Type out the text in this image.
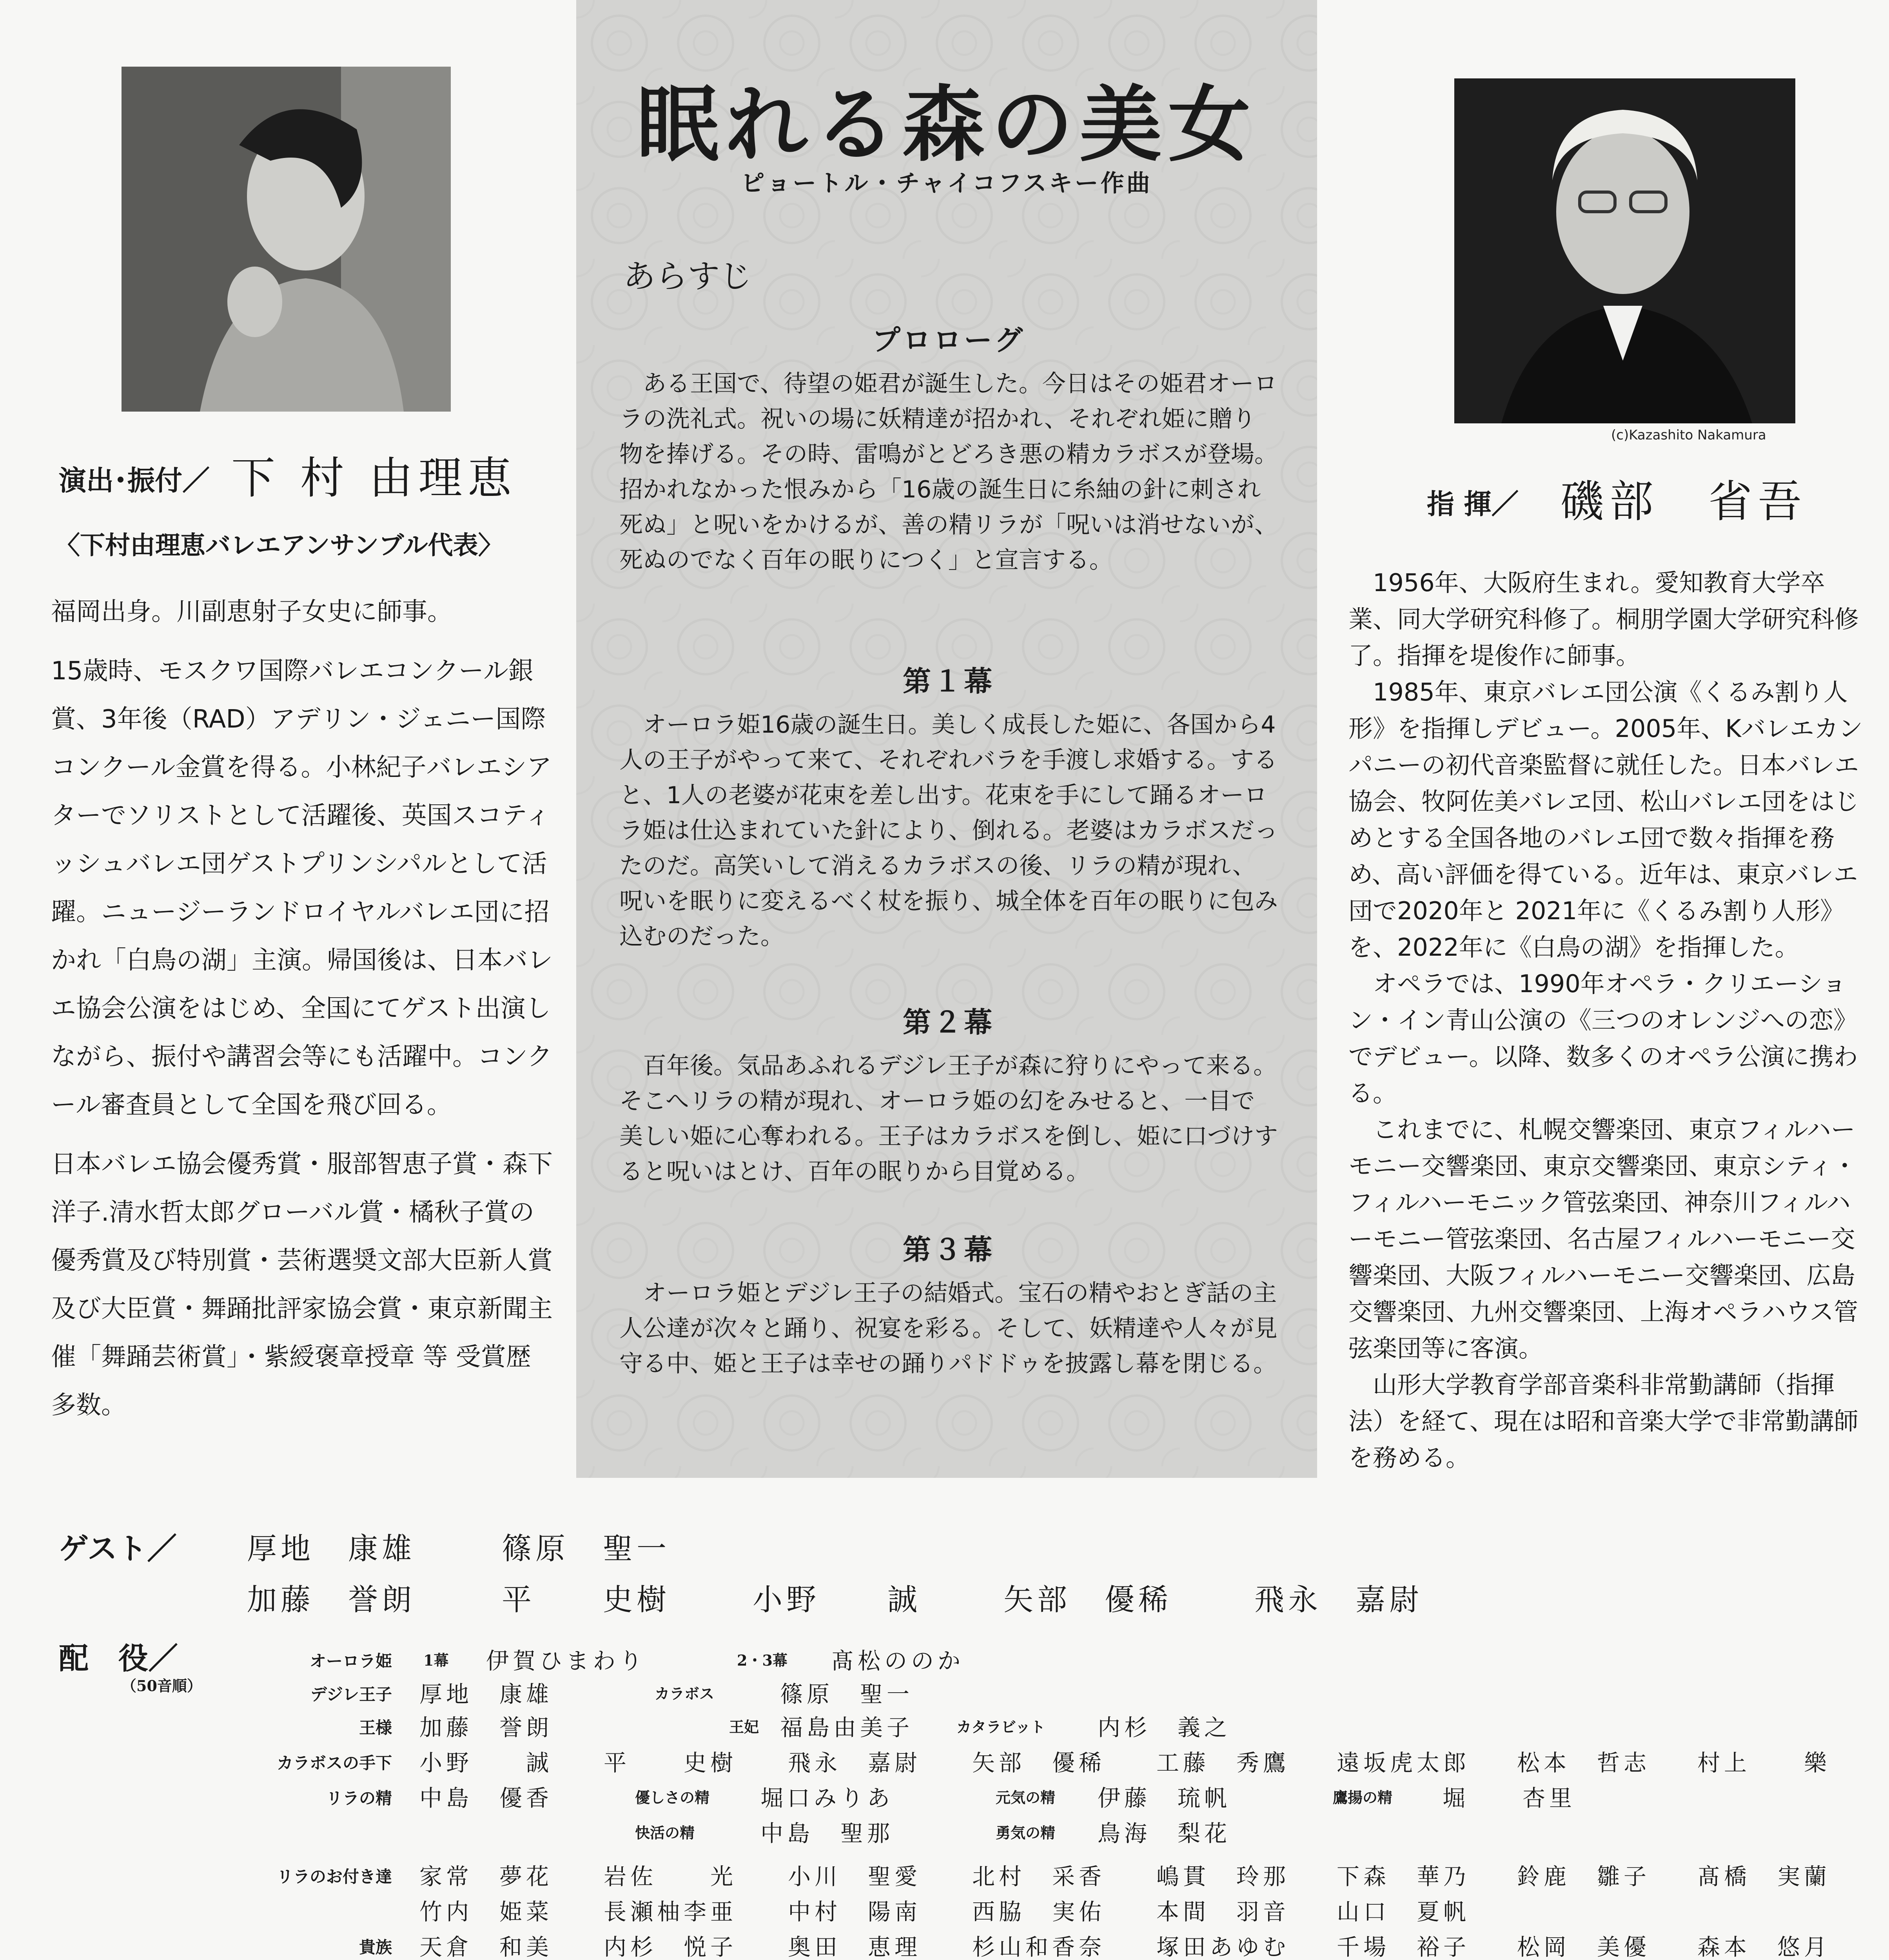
演出･振付／ 下 村 由理恵
〈下村由理恵バレエアンサンブル代表〉

福岡出身。川副恵射子女史に師事。

15歳時、モスクワ国際バレエコンクール銀賞、3年後（RAD）アデリン・ジェニー国際コンクール金賞を得る。小林紀子バレエシアターでソリストとして活躍後、英国スコティッシュバレエ団ゲストプリンシパルとして活躍。ニュージーランドロイヤルバレエ団に招かれ「白鳥の湖」主演。帰国後は、日本バレエ協会公演をはじめ、全国にてゲスト出演しながら、振付や講習会等にも活躍中。コンクール審査員として全国を飛び回る。

日本バレエ協会優秀賞・服部智恵子賞・森下洋子.清水哲太郎グローバル賞・橘秋子賞の優秀賞及び特別賞・芸術選奨文部大臣新人賞及び大臣賞・舞踊批評家協会賞・東京新聞主催「舞踊芸術賞」・紫綬褒章授章 等 受賞歴多数。

眠れる森の美女
ピョートル・チャイコフスキー作曲
あらすじ
プロローグ

ある王国で、待望の姫君が誕生した。今日はその姫君オーロラの洗礼式。祝いの場に妖精達が招かれ、それぞれ姫に贈り物を捧げる。その時、雷鳴がとどろき悪の精カラボスが登場。招かれなかった恨みから「16歳の誕生日に糸紬の針に刺され死ぬ」と呪いをかけるが、善の精リラが「呪いは消せないが、死ぬのでなく百年の眠りにつく」と宣言する。

第１幕

オーロラ姫16歳の誕生日。美しく成長した姫に、各国から4人の王子がやって来て、それぞれバラを手渡し求婚する。すると、1人の老婆が花束を差し出す。花束を手にして踊るオーロラ姫は仕込まれていた針により、倒れる。老婆はカラボスだったのだ。高笑いして消えるカラボスの後、リラの精が現れ、呪いを眠りに変えるべく杖を振り、城全体を百年の眠りに包み込むのだった。

第２幕

百年後。気品あふれるデジレ王子が森に狩りにやって来る。そこへリラの精が現れ、オーロラ姫の幻をみせると、一目で美しい姫に心奪われる。王子はカラボスを倒し、姫に口づけすると呪いはとけ、百年の眠りから目覚める。

第３幕

オーロラ姫とデジレ王子の結婚式。宝石の精やおとぎ話の主人公達が次々と踊り、祝宴を彩る。そして、妖精達や人々が見守る中、姫と王子は幸せの踊りパドドゥを披露し幕を閉じる。

(c)Kazashito Nakamura
指 揮／ 磯部　省吾

1956年、大阪府生まれ。愛知教育大学卒業、同大学研究科修了。桐朋学園大学研究科修了。指揮を堤俊作に師事。

1985年、東京バレエ団公演《くるみ割り人形》を指揮しデビュー。2005年、Kバレエカンパニーの初代音楽監督に就任した。日本バレエ協会、牧阿佐美バレヱ団、松山バレエ団をはじめとする全国各地のバレエ団で数々指揮を務め、高い評価を得ている。近年は、東京バレエ団で2020年と 2021年に《くるみ割り人形》を、2022年に《白鳥の湖》を指揮した。

オペラでは、1990年オペラ・クリエーション・イン青山公演の《三つのオレンジへの恋》でデビュー。以降、数多くのオペラ公演に携わる。

これまでに、札幌交響楽団、東京フィルハーモニー交響楽団、東京交響楽団、東京シティ・フィルハーモニック管弦楽団、神奈川フィルハーモニー管弦楽団、名古屋フィルハーモニー交響楽団、大阪フィルハーモニー交響楽団、広島交響楽団、九州交響楽団、上海オペラハウス管弦楽団等に客演。

山形大学教育学部音楽科非常勤講師（指揮法）を経て、現在は昭和音楽大学で非常勤講師を務める。

ゲスト／ 厚地　康雄	篠原　聖一
加藤　誉朗	平　　史樹	小野　　誠	矢部　優稀	飛永　嘉尉
配　役／
（50音順）
オーロラ姫 1幕 伊賀ひまわり	2・3幕 髙松ののか
デジレ王子 厚地　康雄	カラボス	篠原　聖一
王様 加藤　誉朗	王妃 福島由美子	カタラビット 内杉　義之
カラボスの手下 小野　　誠 平　　史樹 飛永　嘉尉 矢部　優稀 工藤　秀鷹 遠坂虎太郎 松本　哲志 村上　　樂
リラの精 中島　優香	優しさの精 堀口みりあ	元気の精 伊藤　琉帆	鷹揚の精 堀　　杏里
快活の精	中島　聖那	勇気の精 鳥海　梨花
リラのお付き達 家常　夢花 岩佐　　光 小川　聖愛 北村　采香 嶋貫　玲那 下森　華乃 鈴鹿　雛子 髙橋　実蘭
竹内　姫菜 長瀬柚李亜 中村　陽南 西脇　実佑 本間　羽音 山口　夏帆
貴族 天倉　和美 内杉　悦子 奥田　恵理 杉山和香奈 塚田あゆむ 千場　裕子 松岡　美優 森本　悠月
